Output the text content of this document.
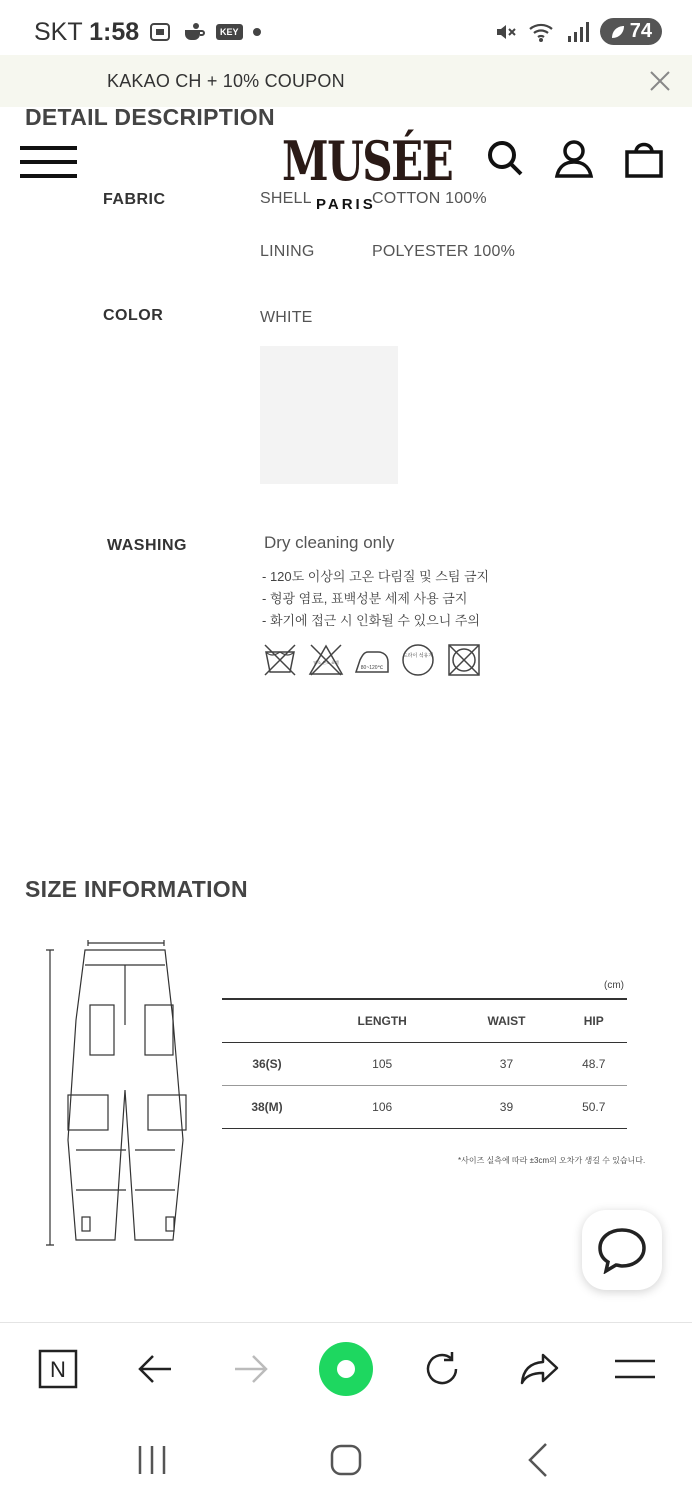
SKT 1:58	KEY	74
KAKAO CH + 10% COUPON
DETAIL DESCRIPTION
MUSÉE
PARIS
FABRIC	SHELL	COTTON 100%
LINING	POLYESTER 100%
COLOR	WHITE
WASHING	Dry cleaning only
- 120도 이상의 고온 다림질 및 스팀 금지
- 형광 염료, 표백성분 세제 사용 금지
- 화기에 접근 시 인화될 수 있으니 주의
염소 산소 표백
80~120℃
드라이 석유계
SIZE INFORMATION
(cm)
	LENGTH	WAIST	HIP
36(S)	105	37	48.7
38(M)	106	39	50.7
*사이즈 실측에 따라 ±3cm의 오차가 생길 수 있습니다.
N
